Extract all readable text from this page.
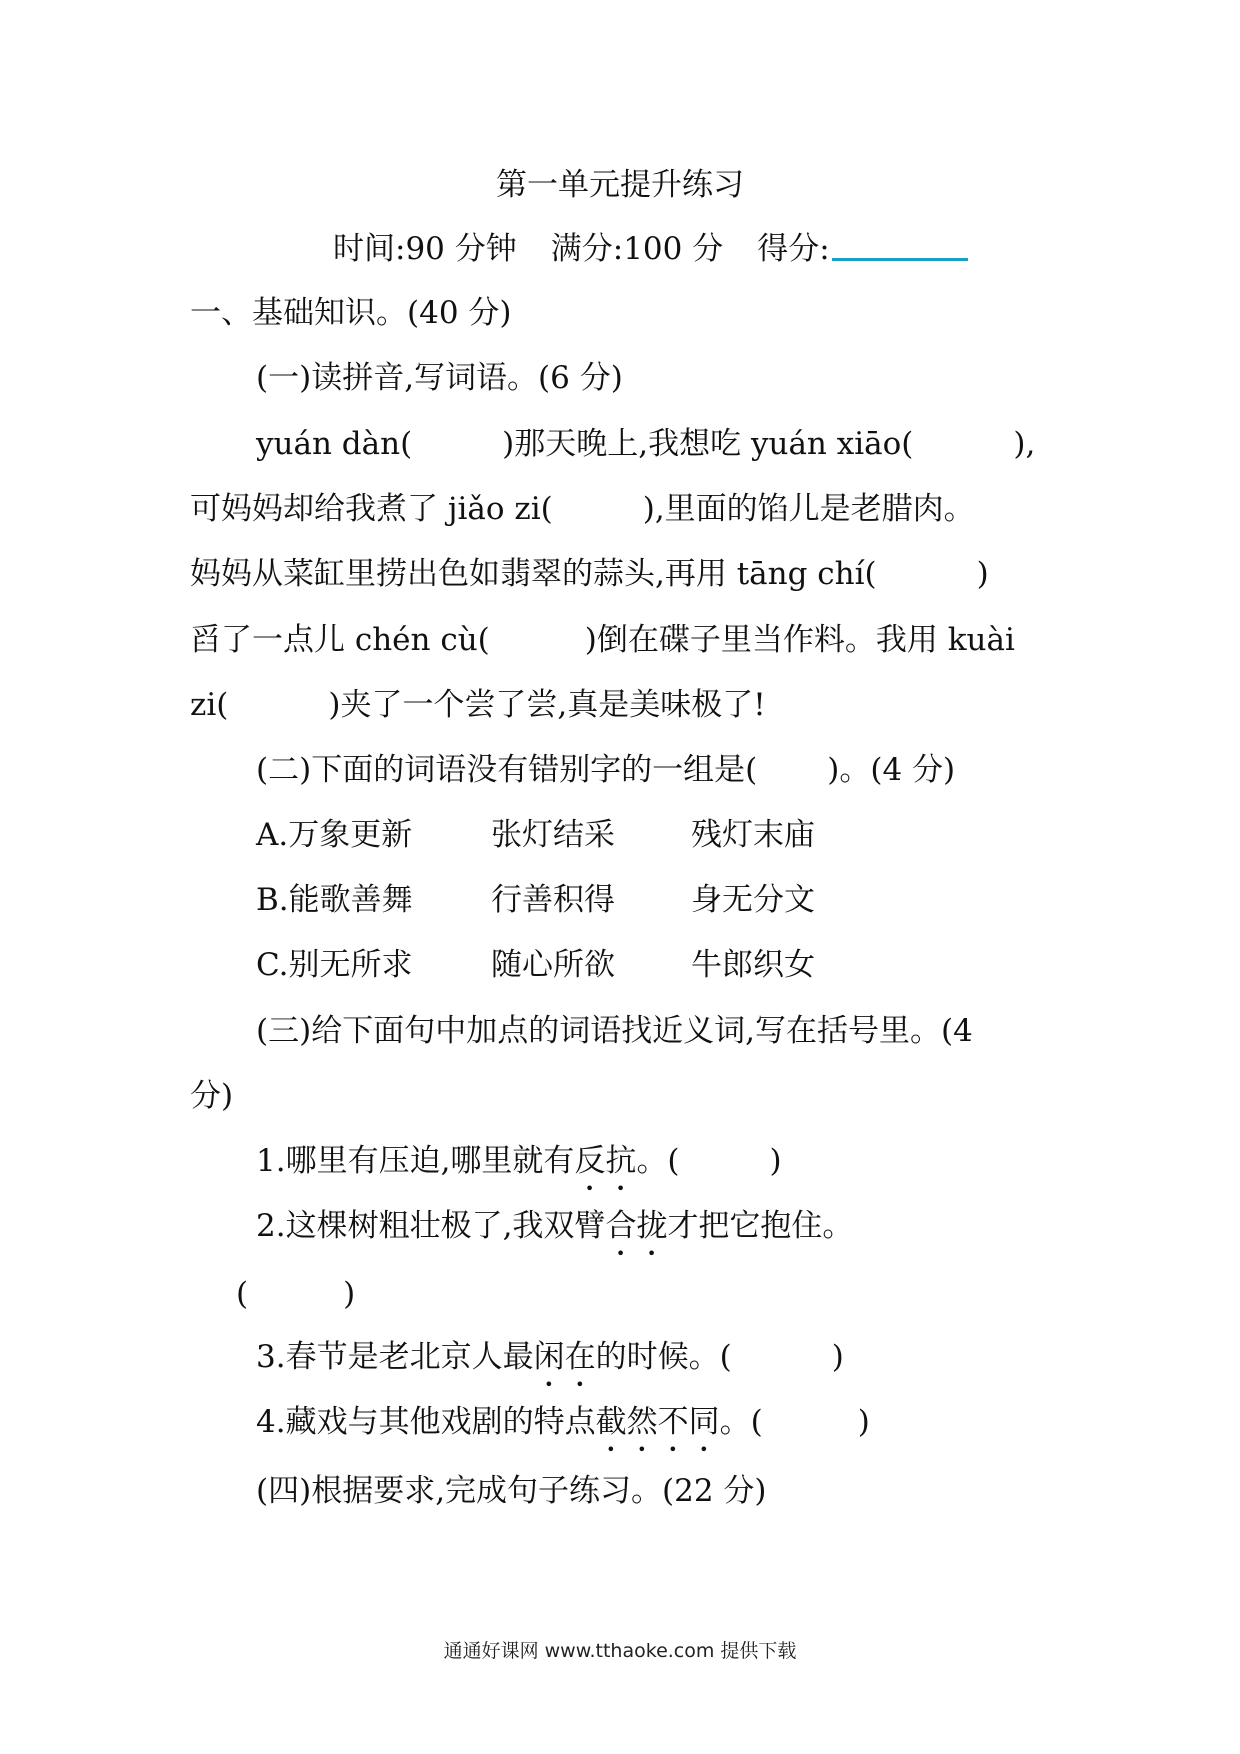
第一单元提升练习
时间:90 分钟 满分:100 分 得分:
一、基础知识。(40 分)
(一)读拼音,写词语。(6 分)
yuán dàn(	)那天晚上,我想吃 yuán xiāo(	),
可妈妈却给我煮了 jiǎo zi(	),里面的馅儿是老腊肉。
妈妈从菜缸里捞出色如翡翠的蒜头,再用 tāng chí(	)
舀了一点儿 chén cù(	)倒在碟子里当作料。我用 kuài
zi(	)夹了一个尝了尝,真是美味极了!
(二)下面的词语没有错别字的一组是( )。(4 分)
A.万象更新	张灯结采 残灯末庙
B.能歌善舞	行善积得 身无分文
C.别无所求	随心所欲 牛郎织女
(三)给下面句中加点的词语找近义词,写在括号里。(4
分)
1.哪里有压迫,哪里就有反抗。(	)
2.这棵树粗壮极了,我双臂合拢才把它抱住。
(	)
3.春节是老北京人最闲在的时候。(	)
4.藏戏与其他戏剧的特点截然不同。(	)
(四)根据要求,完成句子练习。(22 分)
通通好课网 www.tthaoke.com 提供下载
